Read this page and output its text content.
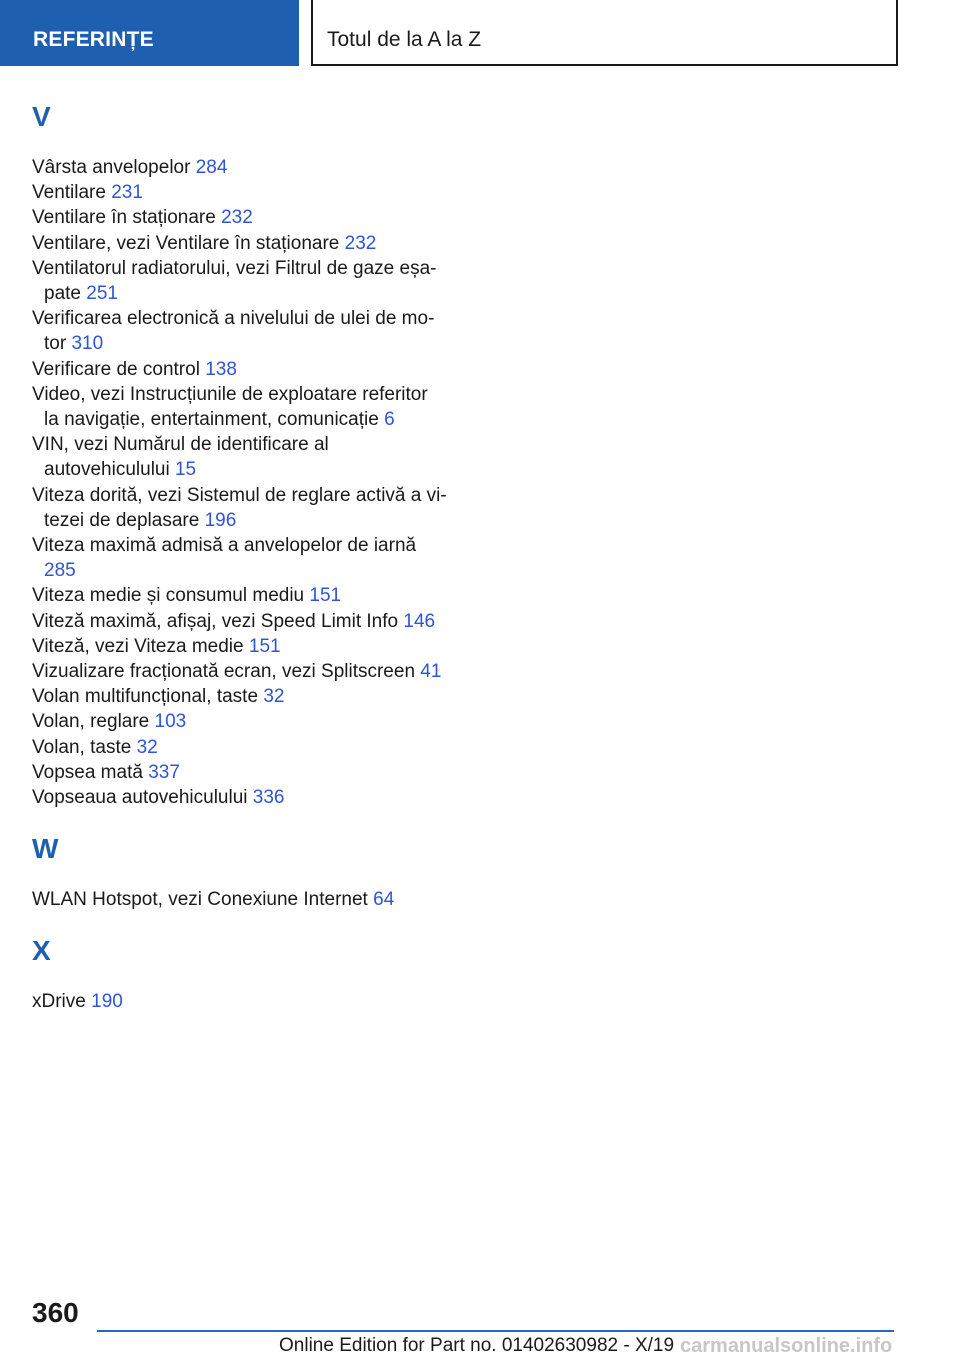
REFERINȚE	Totul de la A la Z
V
Vârsta anvelopelor 284
Ventilare 231
Ventilare în staționare 232
Ventilare, vezi Ventilare în staționare 232
Ventilatorul radiatorului, vezi Filtrul de gaze eșapate 251
Verificarea electronică a nivelului de ulei de motor 310
Verificare de control 138
Video, vezi Instrucțiunile de exploatare referitor la navigație, entertainment, comunicație 6
VIN, vezi Numărul de identificare al autovehiculului 15
Viteza dorită, vezi Sistemul de reglare activă a vitezei de deplasare 196
Viteza maximă admisă a anvelopelor de iarnă 285
Viteza medie și consumul mediu 151
Viteză maximă, afișaj, vezi Speed Limit Info 146
Viteză, vezi Viteza medie 151
Vizualizare fracționată ecran, vezi Splitscreen 41
Volan multifuncțional, taste 32
Volan, reglare 103
Volan, taste 32
Vopsea mată 337
Vopseaua autovehiculului 336
W
WLAN Hotspot, vezi Conexiune Internet 64
X
xDrive 190
360
Online Edition for Part no. 01402630982 - X/19 carmanualsonline.info
